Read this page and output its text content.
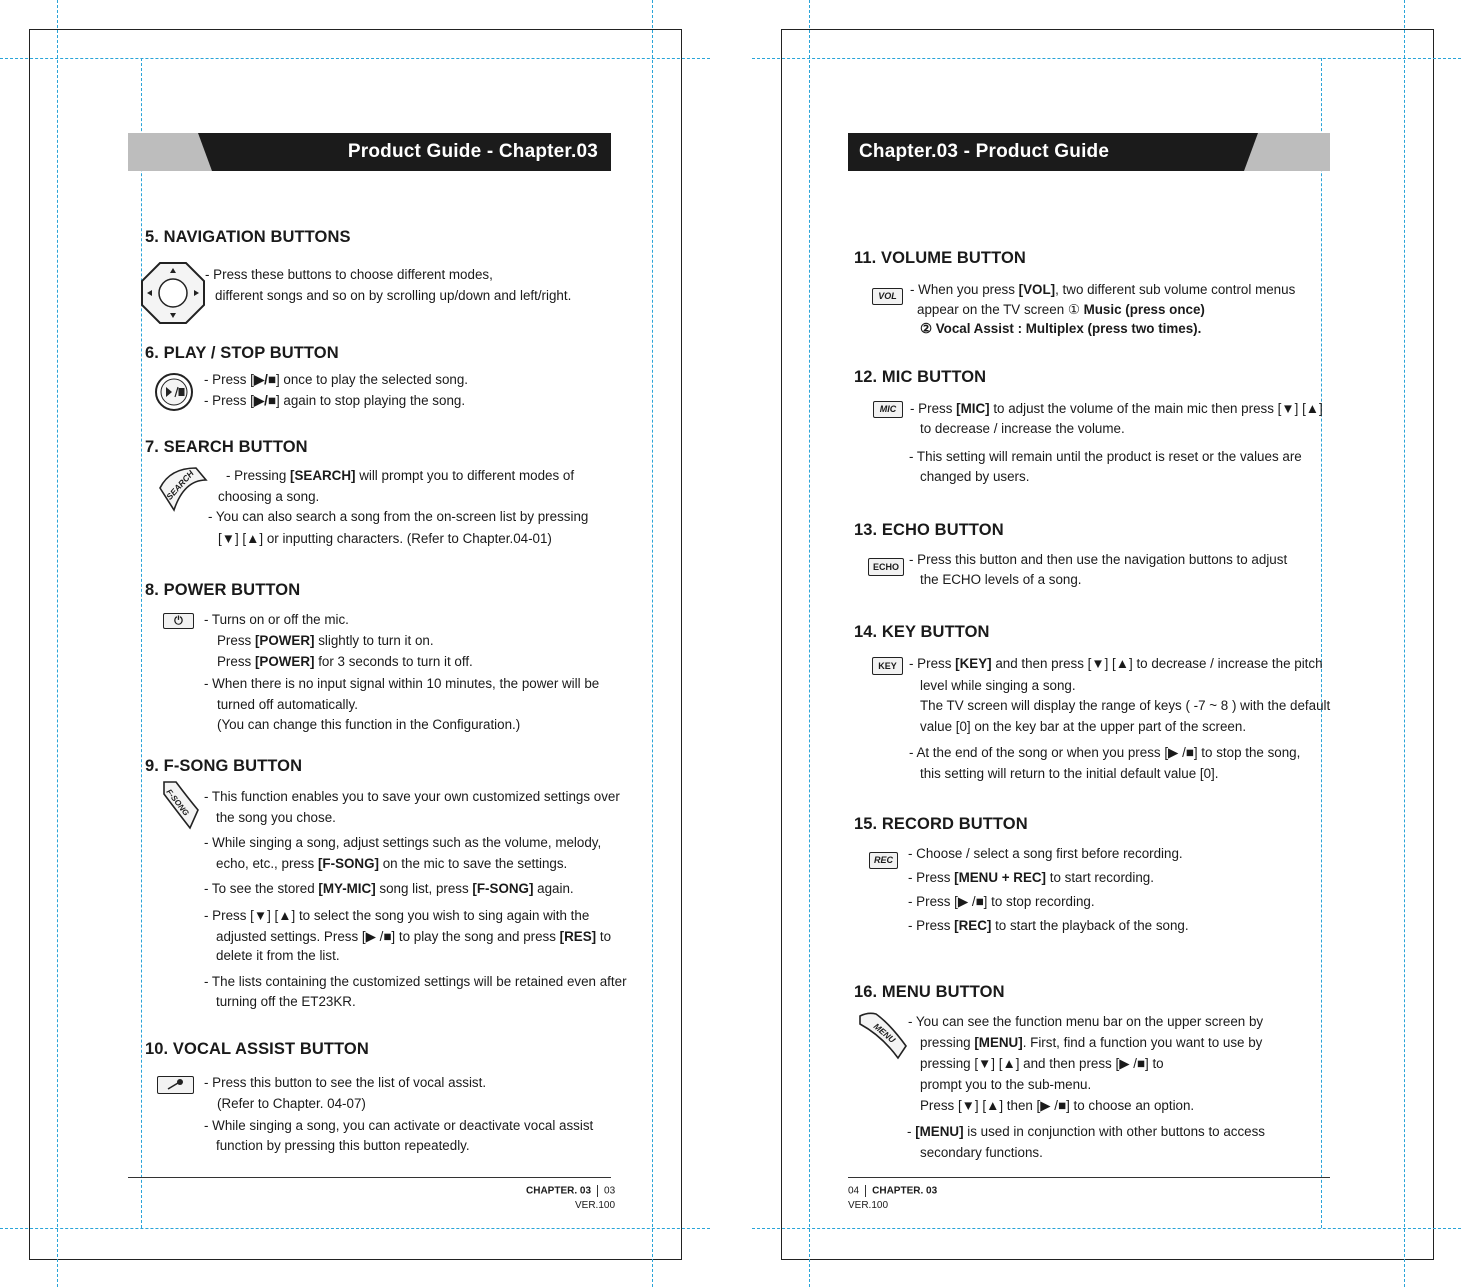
Product Guide - Chapter.03
5. NAVIGATION BUTTONS
- Press these buttons to choose different modes,
different songs and so on by scrolling up/down and left/right.
6. PLAY / STOP BUTTON
- Press [▶/■] once to play the selected song.
- Press [▶/■] again to stop playing the song.
7. SEARCH BUTTON
SEARCH - Pressing [SEARCH] will prompt you to different modes of
choosing a song.
- You can also search a song from the on-screen list by pressing
[▼] [▲] or inputting characters. (Refer to Chapter.04-01)
8. POWER BUTTON
⏻	- Turns on or off the mic.
Press [POWER] slightly to turn it on.
Press [POWER] for 3 seconds to turn it off.
- When there is no input signal within 10 minutes, the power will be
turned off automatically.
(You can change this function in the Configuration.)
9. F-SONG BUTTON
F-SONG - This function enables you to save your own customized settings over
the song you chose.
- While singing a song, adjust settings such as the volume, melody,
echo, etc., press [F-SONG] on the mic to save the settings.
- To see the stored [MY-MIC] song list, press [F-SONG] again.
- Press [▼] [▲] to select the song you wish to sing again with the
adjusted settings. Press [▶ /■] to play the song and press [RES] to
delete it from the list.
- The lists containing the customized settings will be retained even after
turning off the ET23KR.
10. VOCAL ASSIST BUTTON
- Press this button to see the list of vocal assist.
(Refer to Chapter. 04-07)
- While singing a song, you can activate or deactivate vocal assist
function by pressing this button repeatedly.
CHAPTER. 03 03
VER.100
Chapter.03 - Product Guide
11. VOLUME BUTTON
VOL - When you press [VOL], two different sub volume control menus
appear on the TV screen ① Music (press once)
② Vocal Assist : Multiplex (press two times).
12. MIC BUTTON
MIC	- Press [MIC] to adjust the volume of the main mic then press [▼] [▲]
to decrease / increase the volume.
- This setting will remain until the product is reset or the values are
changed by users.
13. ECHO BUTTON
ECHO - Press this button and then use the navigation buttons to adjust
the ECHO levels of a song.
14. KEY BUTTON
KEY - Press [KEY] and then press [▼] [▲] to decrease / increase the pitch
level while singing a song.
The TV screen will display the range of keys ( -7 ~ 8 ) with the default
value [0] on the key bar at the upper part of the screen.
- At the end of the song or when you press [▶ /■] to stop the song,
this setting will return to the initial default value [0].
15. RECORD BUTTON
REC	- Choose / select a song first before recording.
- Press [MENU + REC] to start recording.
- Press [▶ /■] to stop recording.
- Press [REC] to start the playback of the song.
16. MENU BUTTON
MENU - You can see the function menu bar on the upper screen by
pressing [MENU]. First, find a function you want to use by
pressing [▼] [▲] and then press [▶ /■] to
prompt you to the sub-menu.
Press [▼] [▲] then [▶ /■] to choose an option.
- [MENU] is used in conjunction with other buttons to access
secondary functions.
04 CHAPTER. 03
VER.100
